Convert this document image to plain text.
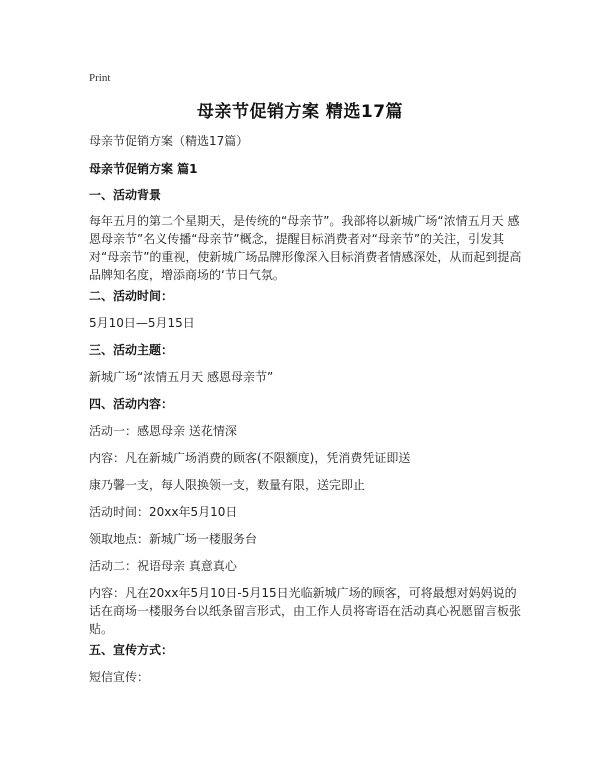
Print
母亲节促销方案 精选17篇

母亲节促销方案（精选17篇）

母亲节促销方案 篇1

一、活动背景

每年五月的第二个星期天，是传统的“母亲节”。我部将以新城广场“浓情五月天 感恩母亲节”名义传播“母亲节”概念，提醒目标消费者对“母亲节”的关注，引发其对“母亲节”的重视，使新城广场品牌形像深入目标消费者情感深处，从而起到提高品牌知名度，增添商场的‘节日气氛。

二、活动时间：

5月10日—5月15日

三、活动主题：

新城广场“浓情五月天 感恩母亲节”

四、活动内容：

活动一：感恩母亲 送花情深

内容：凡在新城广场消费的顾客(不限额度)，凭消费凭证即送

康乃馨一支，每人限换领一支，数量有限，送完即止

活动时间：20xx年5月10日

领取地点：新城广场一楼服务台

活动二：祝语母亲 真意真心

内容：凡在20xx年5月10日-5月15日光临新城广场的顾客，可将最想对妈妈说的话在商场一楼服务台以纸条留言形式，由工作人员将寄语在活动真心祝愿留言板张贴。

五、宣传方式：

短信宣传：
